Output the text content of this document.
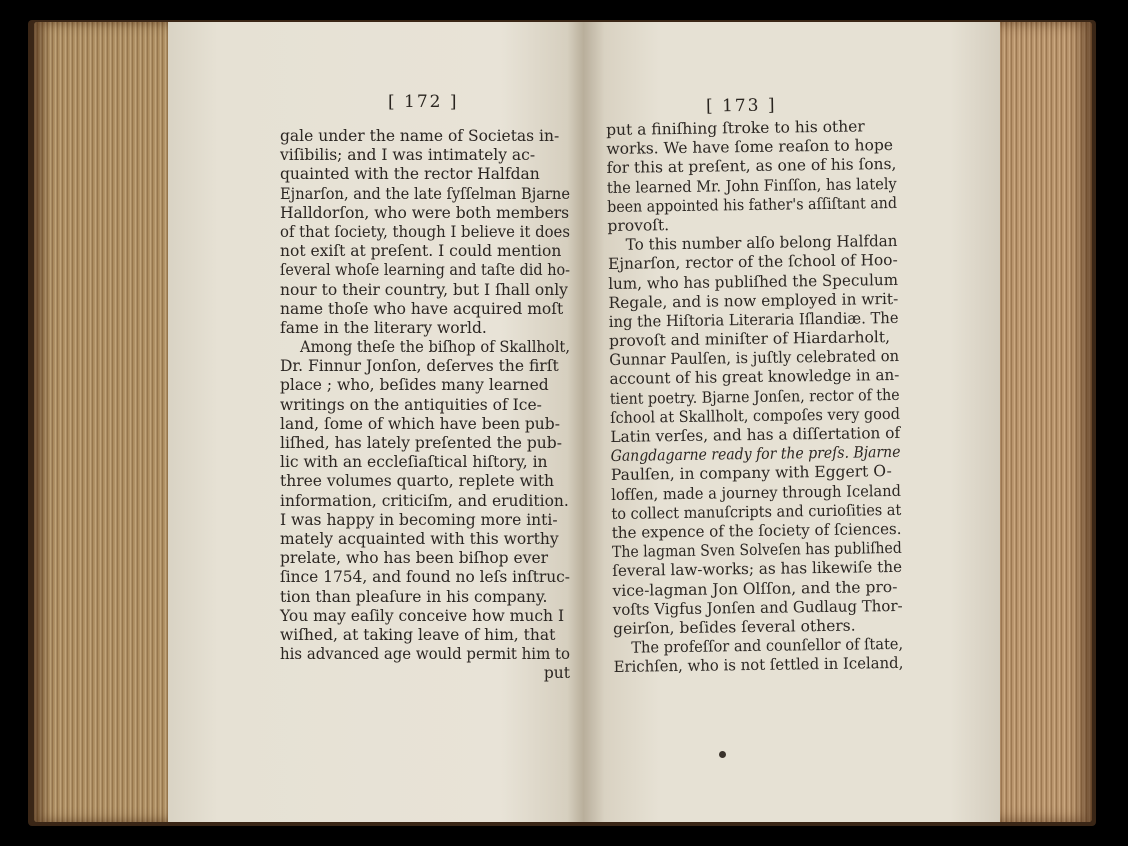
[ 172 ]	[ 173 ]
gale under the name of Societas in-
viſibilis; and I was intimately ac-
quainted with the rector Halfdan
Ejnarſon, and the late ſyſſelman Bjarne
Halldorſon, who were both members
of that ſociety, though I believe it does
not exiſt at preſent. I could mention
ſeveral whoſe learning and taſte did ho-
nour to their country, but I ſhall only
name thoſe who have acquired moſt
fame in the literary world.
Among theſe the biſhop of Skallholt,
Dr. Finnur Jonſon, deſerves the firſt
place ; who, beſides many learned
writings on the antiquities of Ice-
land, ſome of which have been pub-
liſhed, has lately preſented the pub-
lic with an eccleſiaſtical hiſtory, in
three volumes quarto, replete with
information, criticiſm, and erudition.
I was happy in becoming more inti-
mately acquainted with this worthy
prelate, who has been biſhop ever
ſince 1754, and found no leſs inſtruc-
tion than pleaſure in his company.
You may eaſily conceive how much I
wiſhed, at taking leave of him, that
his advanced age would permit him to
put
put a finiſhing ſtroke to his other
works. We have ſome reaſon to hope
for this at preſent, as one of his ſons,
the learned Mr. John Finſſon, has lately
been appointed his father's aſſiſtant and
provoſt.
To this number alſo belong Halfdan
Ejnarſon, rector of the ſchool of Hoo-
lum, who has publiſhed the Speculum
Regale, and is now employed in writ-
ing the Hiſtoria Literaria Iſlandiæ. The
provoſt and miniſter of Hiardarholt,
Gunnar Paulſen, is juſtly celebrated on
account of his great knowledge in an-
tient poetry. Bjarne Jonſen, rector of the
ſchool at Skallholt, compoſes very good
Latin verſes, and has a diſſertation of
Gangdagarne ready for the preſs. Bjarne
Paulſen, in company with Eggert O-
lofſen, made a journey through Iceland
to collect manuſcripts and curioſities at
the expence of the ſociety of ſciences.
The lagman Sven Solveſen has publiſhed
ſeveral law-works; as has likewiſe the
vice-lagman Jon Olſſon, and the pro-
voſts Vigfus Jonſen and Gudlaug Thor-
geirſon, beſides ſeveral others.
The profeſſor and counſellor of ſtate,
Erichſen, who is not ſettled in Iceland,
